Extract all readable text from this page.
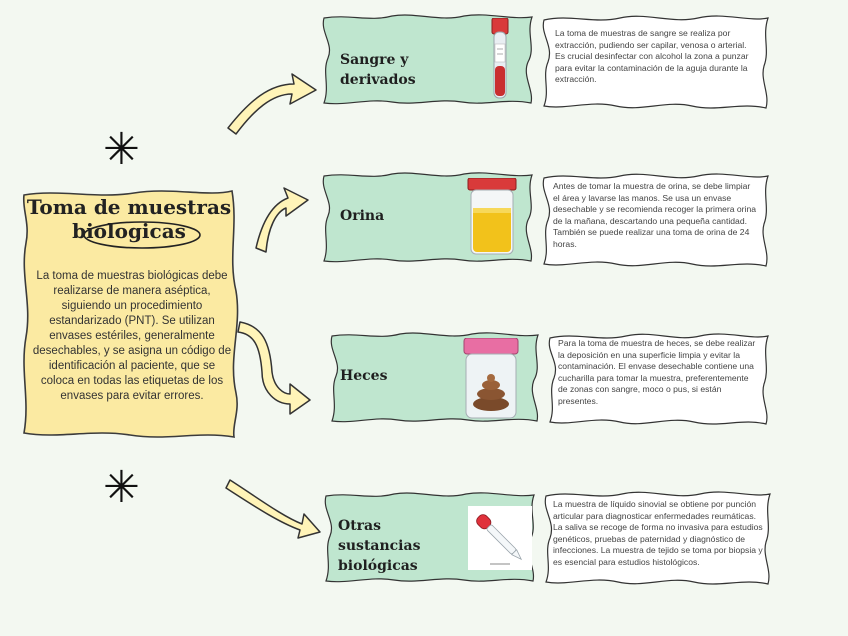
Toma de muestras
biologicas
La toma de muestras biológicas debe realizarse de manera aséptica, siguiendo un procedimiento estandarizado (PNT). Se utilizan envases estériles, generalmente desechables, y se asigna un código de identificación al paciente, que se coloca en todas las etiquetas de los envases para evitar errores.
✳
✳
Sangre y derivados
La toma de muestras de sangre se realiza por extracción, pudiendo ser capilar, venosa o arterial. Es crucial desinfectar con alcohol la zona a punzar para evitar la contaminación de la aguja durante la extracción.
Orina
Antes de tomar la muestra de orina, se debe limpiar el área y lavarse las manos. Se usa un envase desechable y se recomienda recoger la primera orina de la mañana, descartando una pequeña cantidad. También se puede realizar una toma de orina de 24 horas.
Heces
Para la toma de muestra de heces, se debe realizar la deposición en una superficie limpia y evitar la contaminación. El envase desechable contiene una cucharilla para tomar la muestra, preferentemente de zonas con sangre, moco o pus, si están presentes.
Otras sustancias biológicas
La muestra de líquido sinovial se obtiene por punción articular para diagnosticar enfermedades reumáticas. La saliva se recoge de forma no invasiva para estudios genéticos, pruebas de paternidad y diagnóstico de infecciones. La muestra de tejido se toma por biopsia y es esencial para estudios histológicos.
